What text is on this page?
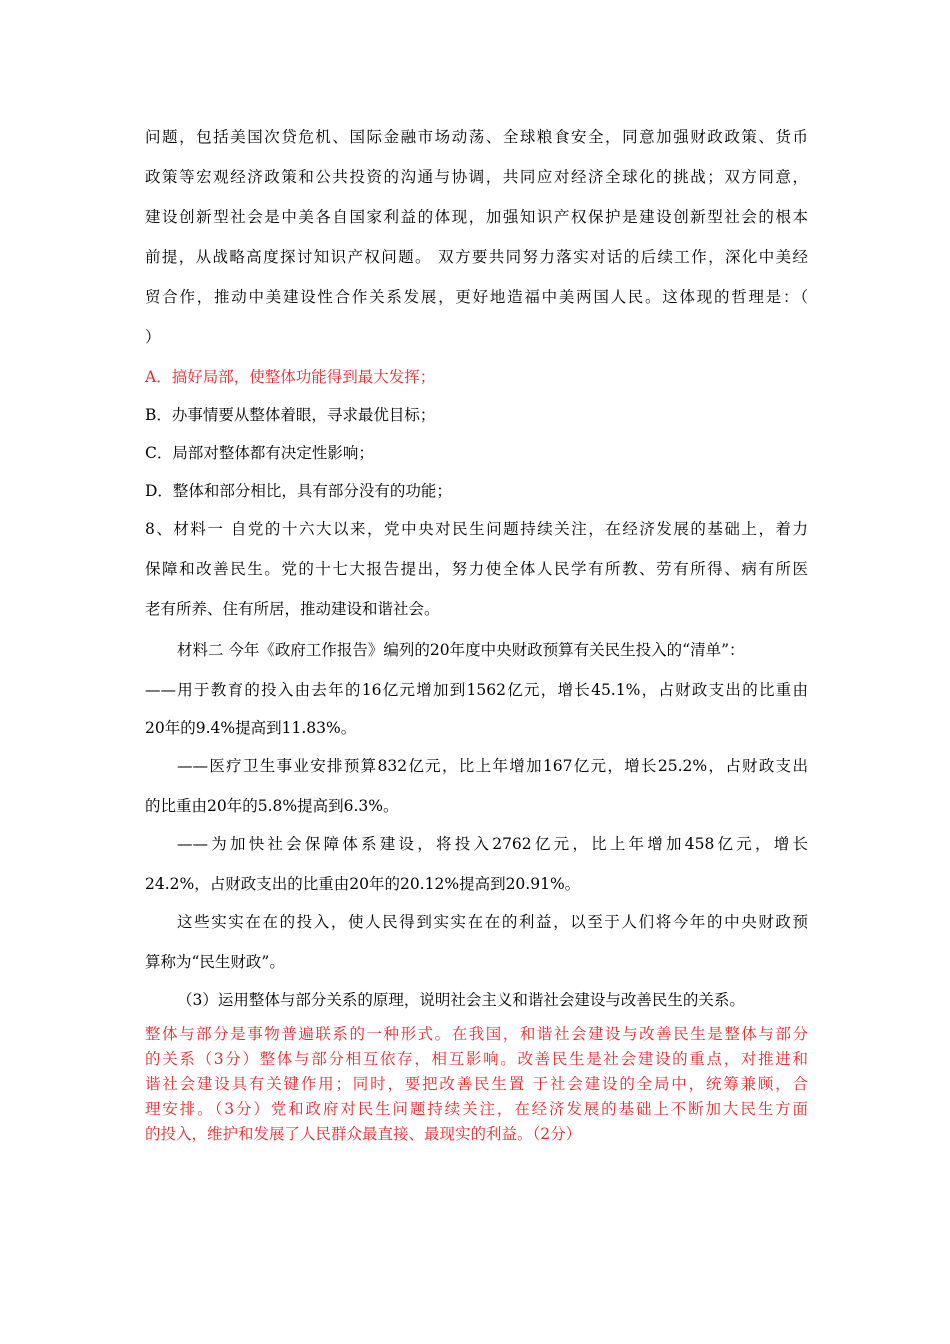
问题，包括美国次贷危机、国际金融市场动荡、全球粮食安全，同意加强财政政策、货币
政策等宏观经济政策和公共投资的沟通与协调，共同应对经济全球化的挑战；双方同意，
建设创新型社会是中美各自国家利益的体现，加强知识产权保护是建设创新型社会的根本
前提，从战略高度探讨知识产权问题。 双方要共同努力落实对话的后续工作，深化中美经
贸合作，推动中美建设性合作关系发展，更好地造福中美两国人民。这体现的哲理是：（
）
A．搞好局部，使整体功能得到最大发挥；
B．办事情要从整体着眼，寻求最优目标；
C．局部对整体都有决定性影响；
D．整体和部分相比，具有部分没有的功能；
8、材料一 自党的十六大以来，党中央对民生问题持续关注，在经济发展的基础上，着力
保障和改善民生。党的十七大报告提出，努力使全体人民学有所教、劳有所得、病有所医
老有所养、住有所居，推动建设和谐社会。
材料二 今年《政府工作报告》编列的20年度中央财政预算有关民生投入的“清单”：
——用于教育的投入由去年的16亿元增加到1562亿元，增长45.1%，占财政支出的比重由
20年的9.4%提高到11.83%。
——医疗卫生事业安排预算832亿元，比上年增加167亿元，增长25.2%，占财政支出
的比重由20年的5.8%提高到6.3%。
——为加快社会保障体系建设，将投入2762亿元，比上年增加458亿元，增长
24.2%，占财政支出的比重由20年的20.12%提高到20.91%。
这些实实在在的投入，使人民得到实实在在的利益，以至于人们将今年的中央财政预
算称为“民生财政”。
（3）运用整体与部分关系的原理，说明社会主义和谐社会建设与改善民生的关系。
整体与部分是事物普遍联系的一种形式。在我国，和谐社会建设与改善民生是整体与部分
的关系（3分）整体与部分相互依存，相互影响。改善民生是社会建设的重点，对推进和
谐社会建设具有关键作用；同时，要把改善民生置 于社会建设的全局中，统筹兼顾，合
理安排。（3分）党和政府对民生问题持续关注，在经济发展的基础上不断加大民生方面
的投入，维护和发展了人民群众最直接、最现实的利益。（2分）
